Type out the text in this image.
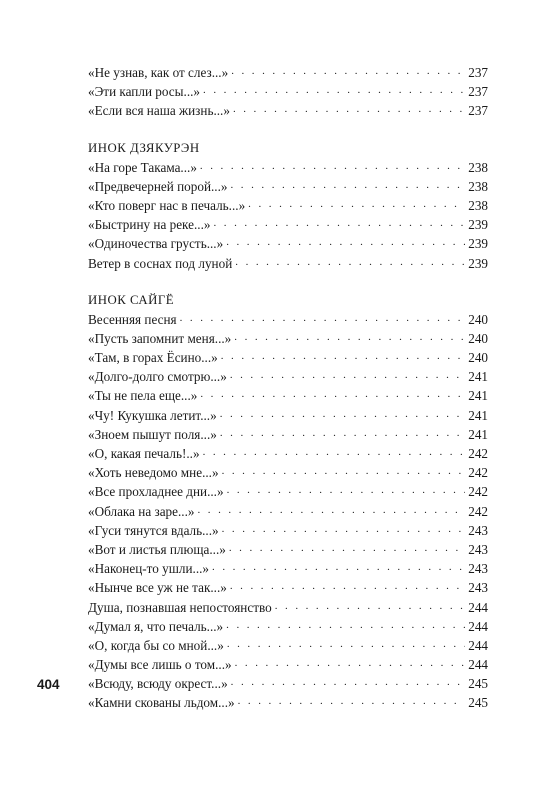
«Не узнав, как от слез...» . . .	237
«Эти капли росы...» . . .	237
«Если вся наша жизнь...» . . .	237
ИНОК ДЗЯКУРЭН
«На горе Такама...» . . .	238
«Предвечерней порой...» . . .	238
«Кто поверг нас в печаль...» . . .	238
«Быстрину на реке...» . . .	239
«Одиночества грусть...» . . .	239
Ветер в соснах под луной . . .	239
ИНОК САЙГЁ
Весенняя песня . . .	240
«Пусть запомнит меня...» . . .	240
«Там, в горах Ёсино...» . . .	240
«Долго-долго смотрю...» . . .	241
«Ты не пела еще...» . . .	241
«Чу! Кукушка летит...» . . .	241
«Зноем пышут поля...» . . .	241
«О, какая печаль!..» . . .	242
«Хоть неведомо мне...» . . .	242
«Все прохладнее дни...» . . .	242
«Облака на заре...» . . .	242
«Гуси тянутся вдаль...» . . .	243
«Вот и листья плюща...» . . .	243
«Наконец-то ушли...» . . .	243
«Нынче все уж не так...» . . .	243
Душа, познавшая непостоянство . . .	244
«Думал я, что печаль...» . . .	244
«О, когда бы со мной...» . . .	244
«Думы все лишь о том...» . . .	244
«Всюду, всюду окрест...» . . .	245
«Камни скованы льдом...» . . .	245
404
